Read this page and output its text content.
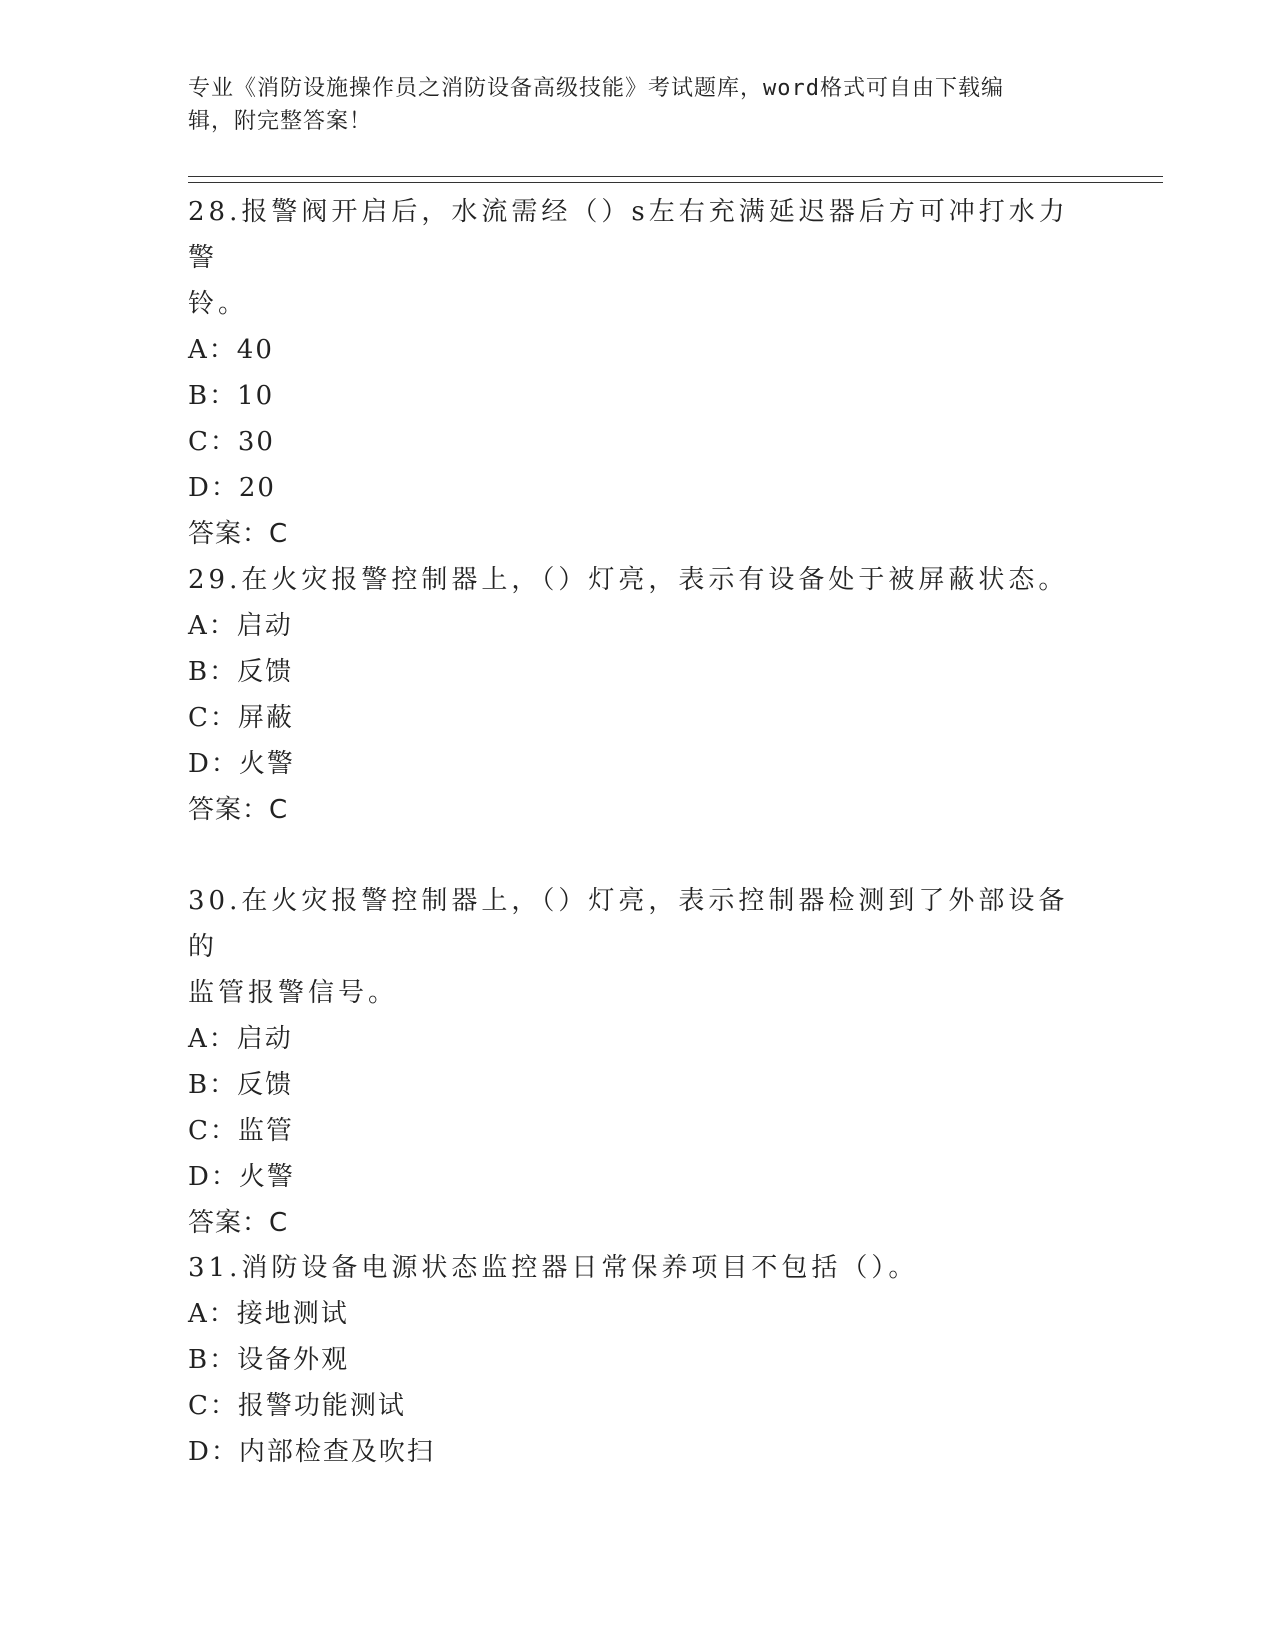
专业《消防设施操作员之消防设备高级技能》考试题库，word格式可自由下载编
辑，附完整答案！
28.报警阀开启后，水流需经（）s左右充满延迟器后方可冲打水力警
铃。
A：40
B：10
C：30
D：20
答案：C
29.在火灾报警控制器上，（）灯亮，表示有设备处于被屏蔽状态。
A：启动
B：反馈
C：屏蔽
D：火警
答案：C
30.在火灾报警控制器上，（）灯亮，表示控制器检测到了外部设备的
监管报警信号。
A：启动
B：反馈
C：监管
D：火警
答案：C
31.消防设备电源状态监控器日常保养项目不包括（）。
A：接地测试
B：设备外观
C：报警功能测试
D：内部检查及吹扫
